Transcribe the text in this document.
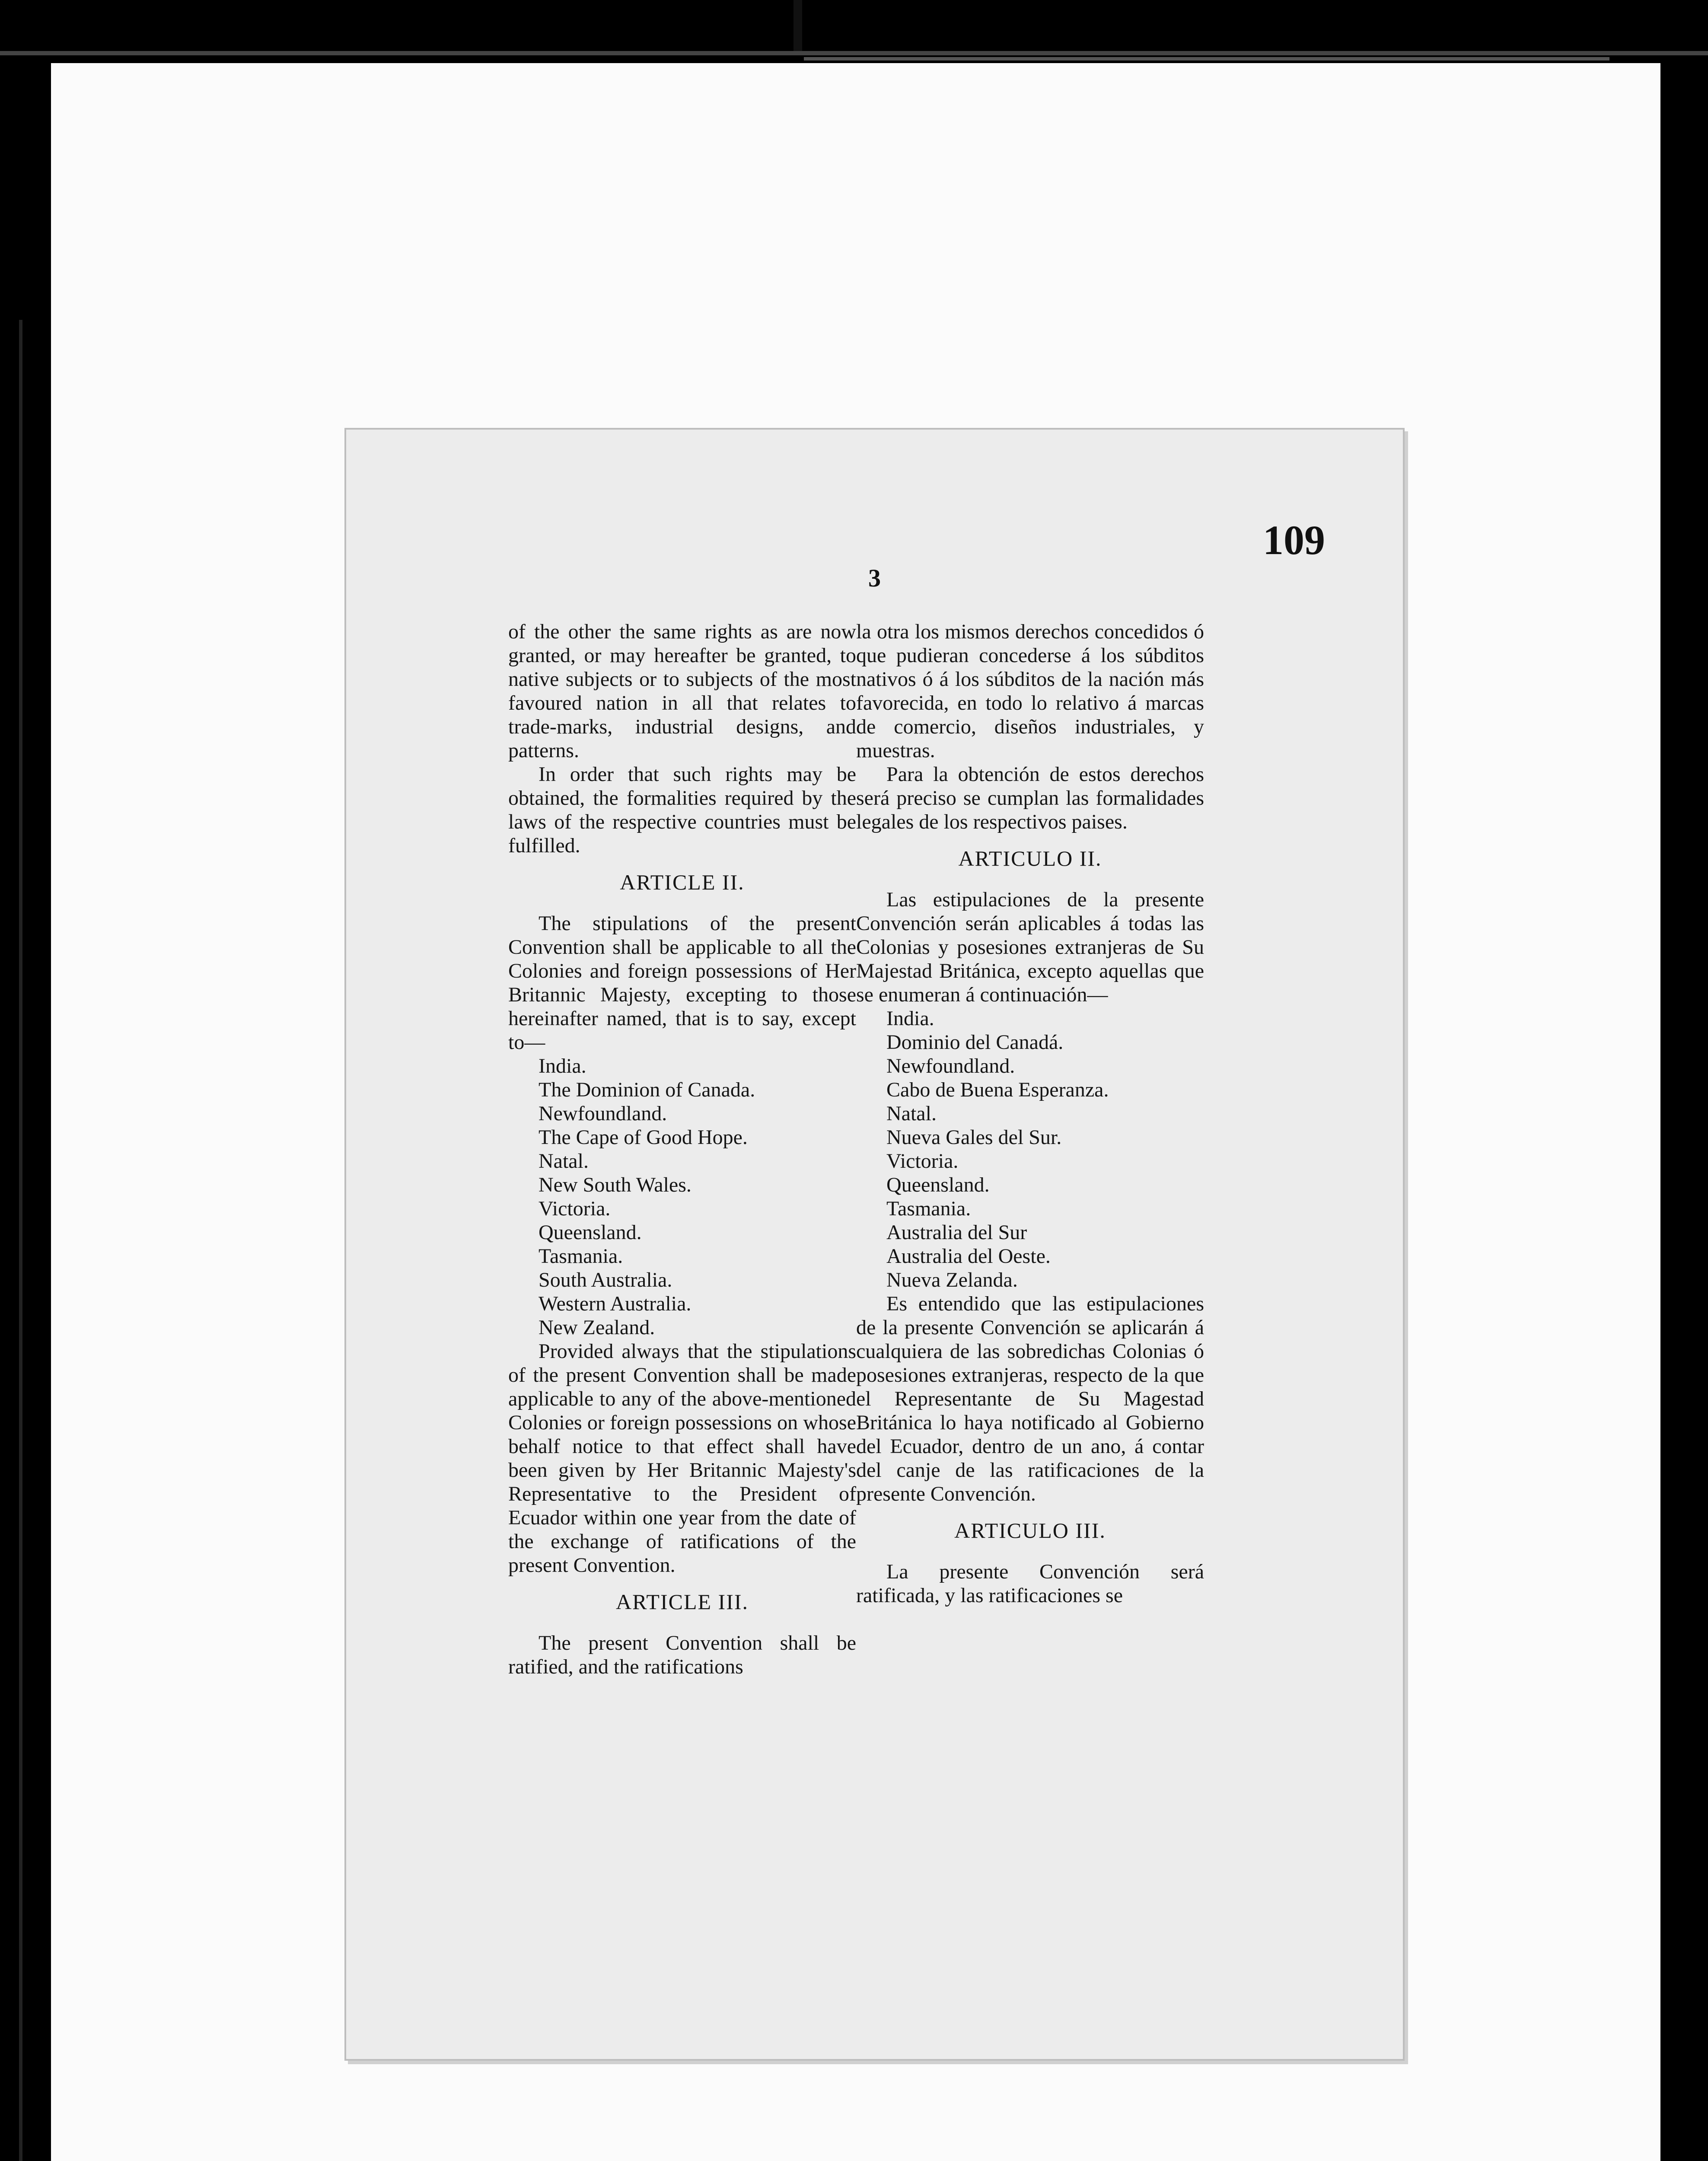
109
3

of the other the same rights as are now granted, or may hereafter be granted, to native subjects or to subjects of the most favoured nation in all that relates to trade-marks, industrial designs, and patterns.

In order that such rights may be obtained, the formalities required by the laws of the respective countries must be fulfilled.

ARTICLE II.

The stipulations of the present Convention shall be applicable to all the Colonies and foreign possessions of Her Britannic Majesty, excepting to those hereinafter named, that is to say, except to—

India.
The Dominion of Canada.
Newfoundland.
The Cape of Good Hope.
Natal.
New South Wales.
Victoria.
Queensland.
Tasmania.
South Australia.
Western Australia.
New Zealand.

Provided always that the stipulations of the present Convention shall be made applicable to any of the above-mentioned Colonies or foreign possessions on whose behalf notice to that effect shall have been given by Her Britannic Majesty's Representative to the President of Ecuador within one year from the date of the exchange of ratifications of the present Convention.

ARTICLE III.

The present Convention shall be ratified, and the ratifications

la otra los mismos derechos concedidos ó que pudieran concederse á los súbditos nativos ó á los súbditos de la nación más favorecida, en todo lo relativo á marcas de comercio, diseños industriales, y muestras.

Para la obtención de estos derechos será preciso se cumplan las formalidades legales de los respectivos paises.

ARTICULO II.

Las estipulaciones de la presente Convención serán aplicables á todas las Colonias y posesiones extranjeras de Su Majestad Británica, excepto aquellas que se enumeran á continuación—

India.
Dominio del Canadá.
Newfoundland.
Cabo de Buena Esperanza.
Natal.
Nueva Gales del Sur.
Victoria.
Queensland.
Tasmania.
Australia del Sur
Australia del Oeste.
Nueva Zelanda.

Es entendido que las estipulaciones de la presente Convención se aplicarán á cualquiera de las sobredichas Colonias ó posesiones extranjeras, respecto de la que el Representante de Su Magestad Británica lo haya notificado al Gobierno del Ecuador, dentro de un ano, á contar del canje de las ratificaciones de la presente Convención.

ARTICULO III.

La presente Convención será ratificada, y las ratificaciones se
